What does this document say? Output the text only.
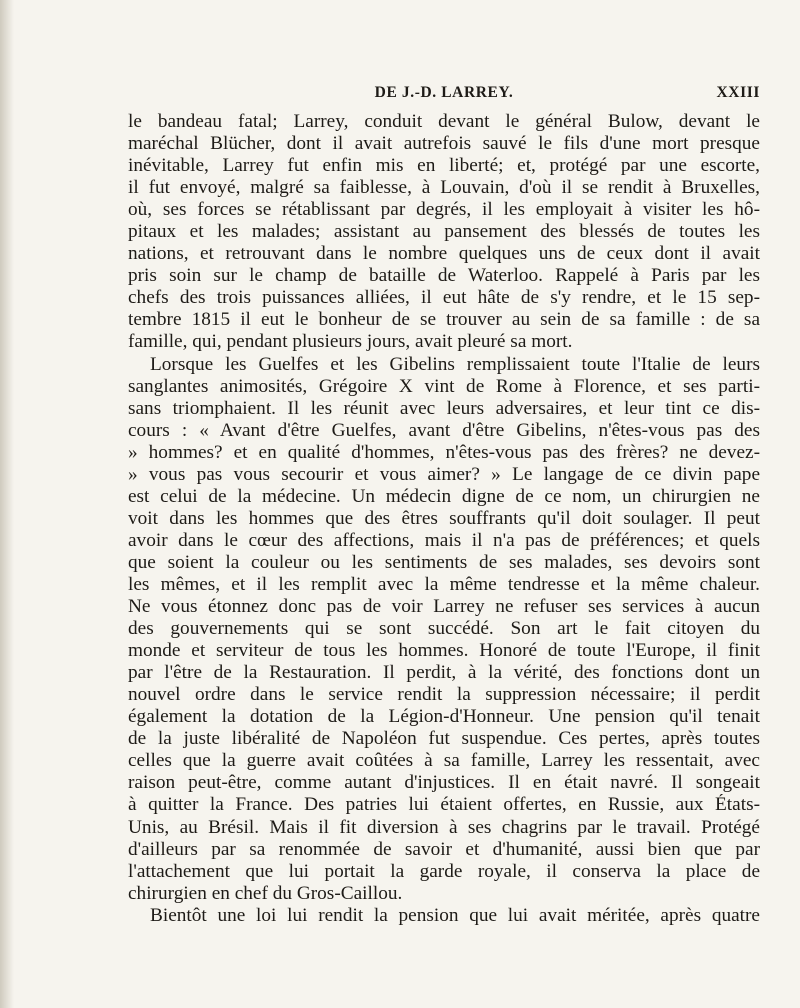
DE J.-D. LARREY.	XXIII
le bandeau fatal; Larrey, conduit devant le général Bulow, devant le
maréchal Blücher, dont il avait autrefois sauvé le fils d'une mort presque
inévitable, Larrey fut enfin mis en liberté; et, protégé par une escorte,
il fut envoyé, malgré sa faiblesse, à Louvain, d'où il se rendit à Bruxelles,
où, ses forces se rétablissant par degrés, il les employait à visiter les hô-
pitaux et les malades; assistant au pansement des blessés de toutes les
nations, et retrouvant dans le nombre quelques uns de ceux dont il avait
pris soin sur le champ de bataille de Waterloo. Rappelé à Paris par les
chefs des trois puissances alliées, il eut hâte de s'y rendre, et le 15 sep-
tembre 1815 il eut le bonheur de se trouver au sein de sa famille : de sa
famille, qui, pendant plusieurs jours, avait pleuré sa mort.
Lorsque les Guelfes et les Gibelins remplissaient toute l'Italie de leurs
sanglantes animosités, Grégoire X vint de Rome à Florence, et ses parti-
sans triomphaient. Il les réunit avec leurs adversaires, et leur tint ce dis-
cours : « Avant d'être Guelfes, avant d'être Gibelins, n'êtes-vous pas des
» hommes? et en qualité d'hommes, n'êtes-vous pas des frères? ne devez-
» vous pas vous secourir et vous aimer? » Le langage de ce divin pape
est celui de la médecine. Un médecin digne de ce nom, un chirurgien ne
voit dans les hommes que des êtres souffrants qu'il doit soulager. Il peut
avoir dans le cœur des affections, mais il n'a pas de préférences; et quels
que soient la couleur ou les sentiments de ses malades, ses devoirs sont
les mêmes, et il les remplit avec la même tendresse et la même chaleur.
Ne vous étonnez donc pas de voir Larrey ne refuser ses services à aucun
des gouvernements qui se sont succédé. Son art le fait citoyen du
monde et serviteur de tous les hommes. Honoré de toute l'Europe, il finit
par l'être de la Restauration. Il perdit, à la vérité, des fonctions dont un
nouvel ordre dans le service rendit la suppression nécessaire; il perdit
également la dotation de la Légion-d'Honneur. Une pension qu'il tenait
de la juste libéralité de Napoléon fut suspendue. Ces pertes, après toutes
celles que la guerre avait coûtées à sa famille, Larrey les ressentait, avec
raison peut-être, comme autant d'injustices. Il en était navré. Il songeait
à quitter la France. Des patries lui étaient offertes, en Russie, aux États-
Unis, au Brésil. Mais il fit diversion à ses chagrins par le travail. Protégé
d'ailleurs par sa renommée de savoir et d'humanité, aussi bien que par
l'attachement que lui portait la garde royale, il conserva la place de
chirurgien en chef du Gros-Caillou.
Bientôt une loi lui rendit la pension que lui avait méritée, après quatre
